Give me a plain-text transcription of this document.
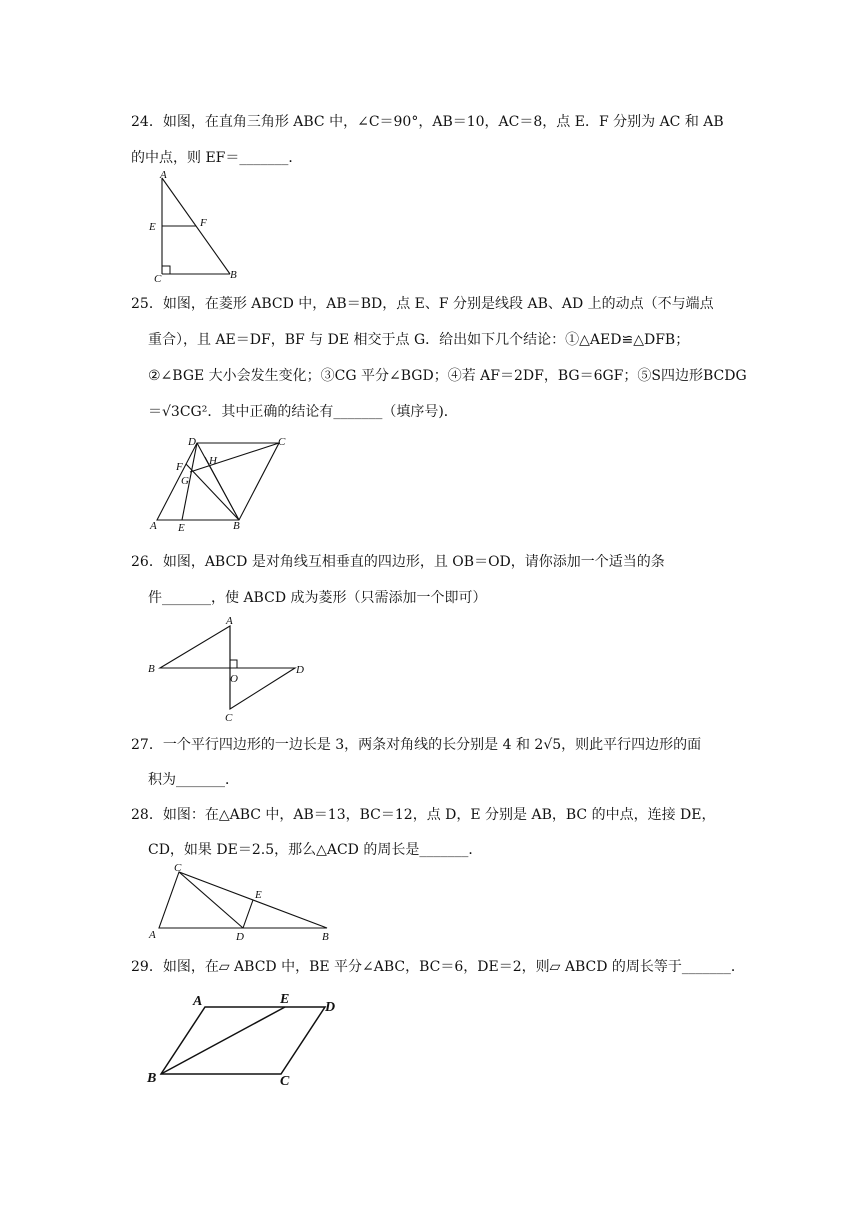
24．如图，在直角三角形 ABC 中，∠C＝90°，AB＝10，AC＝8，点 E．F 分别为 AC 和 AB
的中点，则 EF＝_______．
A
E	F
C	B
25．如图，在菱形 ABCD 中，AB＝BD，点 E、F 分别是线段 AB、AD 上的动点（不与端点
重合），且 AE＝DF，BF 与 DE 相交于点 G．给出如下几个结论：①△AED≌△DFB；
②∠BGE 大小会发生变化；③CG 平分∠BGD；④若 AF＝2DF，BG＝6GF；⑤S四边形BCDG
＝√3CG²．其中正确的结论有_______（填序号)．
D	C
H
F
G
A E	B
26．如图，ABCD 是对角线互相垂直的四边形，且 OB＝OD，请你添加一个适当的条
件_______，使 ABCD 成为菱形（只需添加一个即可）
A
B
O
D
C
27．一个平行四边形的一边长是 3，两条对角线的长分别是 4 和 2√5，则此平行四边形的面
积为_______．
28．如图：在△ABC 中，AB＝13，BC＝12，点 D，E 分别是 AB，BC 的中点，连接 DE，
CD，如果 DE＝2.5，那么△ACD 的周长是_______．
C
E
A	D	B
29．如图，在▱ ABCD 中，BE 平分∠ABC，BC＝6，DE＝2，则▱ ABCD 的周长等于_______．
A	E
D
B	C
